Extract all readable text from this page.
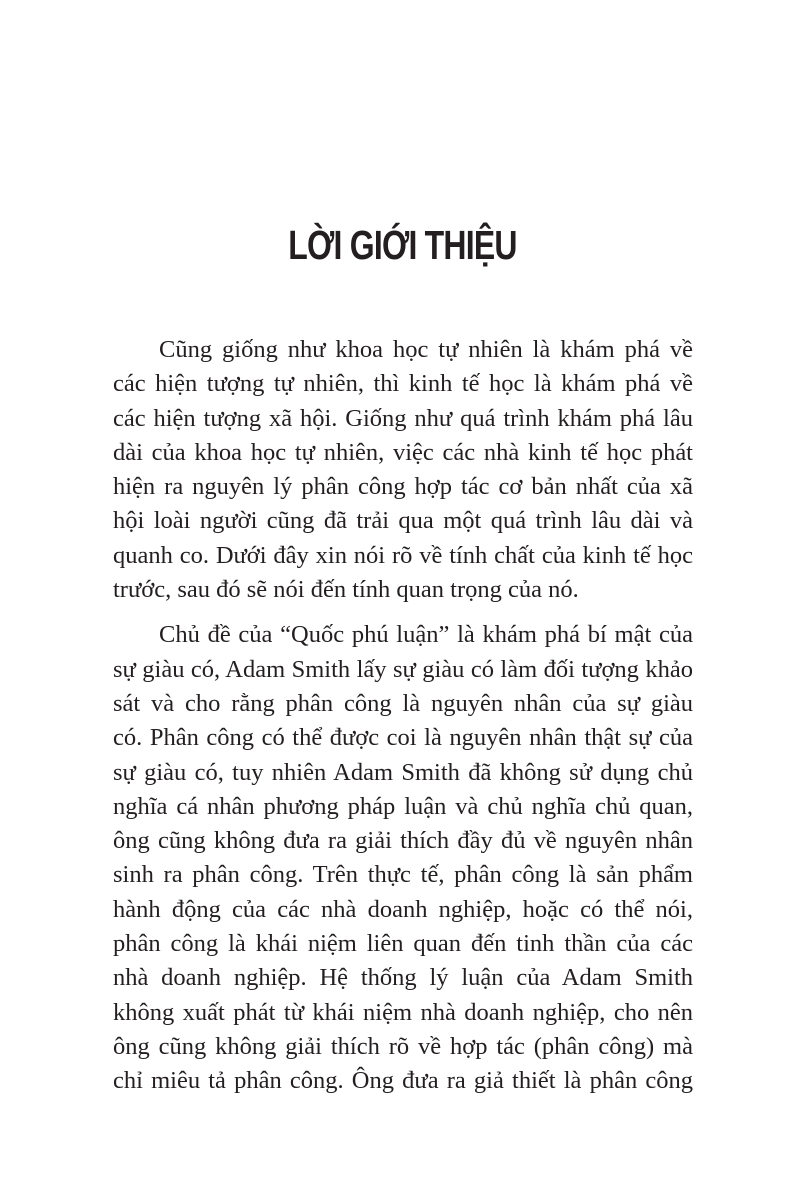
LỜI GIỚI THIỆU

Cũng giống như khoa học tự nhiên là khám phá về
các hiện tượng tự nhiên, thì kinh tế học là khám phá về
các hiện tượng xã hội. Giống như quá trình khám phá lâu
dài của khoa học tự nhiên, việc các nhà kinh tế học phát
hiện ra nguyên lý phân công hợp tác cơ bản nhất của xã
hội loài người cũng đã trải qua một quá trình lâu dài và
quanh co. Dưới đây xin nói rõ về tính chất của kinh tế học
trước, sau đó sẽ nói đến tính quan trọng của nó.

Chủ đề của “Quốc phú luận” là khám phá bí mật của
sự giàu có, Adam Smith lấy sự giàu có làm đối tượng khảo
sát và cho rằng phân công là nguyên nhân của sự giàu
có. Phân công có thể được coi là nguyên nhân thật sự của
sự giàu có, tuy nhiên Adam Smith đã không sử dụng chủ
nghĩa cá nhân phương pháp luận và chủ nghĩa chủ quan,
ông cũng không đưa ra giải thích đầy đủ về nguyên nhân
sinh ra phân công. Trên thực tế, phân công là sản phẩm
hành động của các nhà doanh nghiệp, hoặc có thể nói,
phân công là khái niệm liên quan đến tinh thần của các
nhà doanh nghiệp. Hệ thống lý luận của Adam Smith
không xuất phát từ khái niệm nhà doanh nghiệp, cho nên
ông cũng không giải thích rõ về hợp tác (phân công) mà
chỉ miêu tả phân công. Ông đưa ra giả thiết là phân công
